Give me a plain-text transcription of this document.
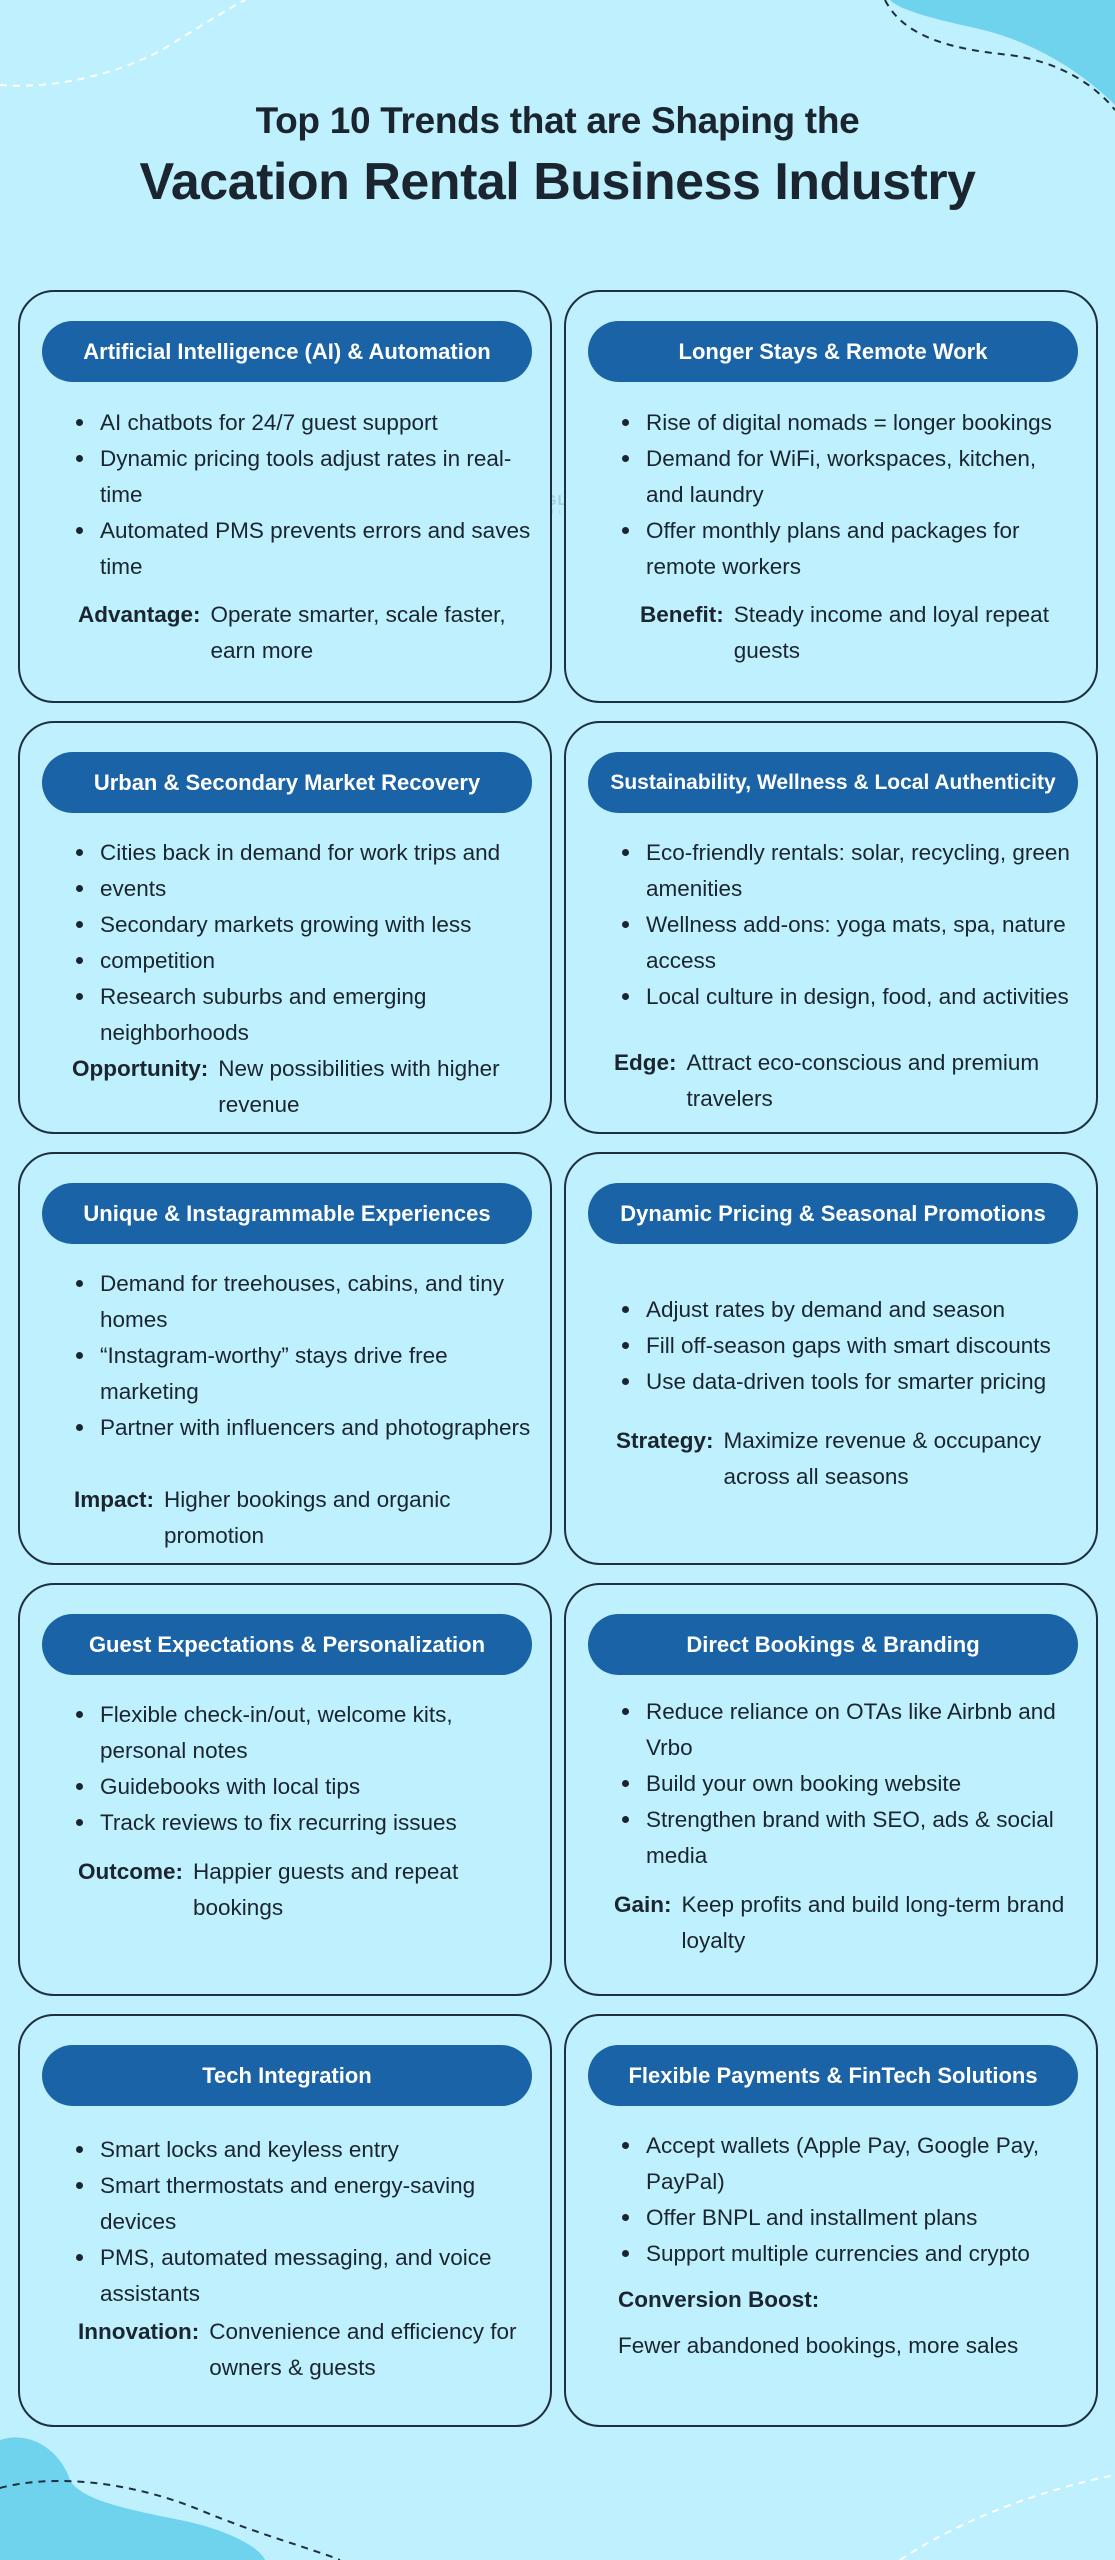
Top 10 Trends that are Shaping the
Vacation Rental Business Industry
Artificial Intelligence (AI) & Automation
AI chatbots for 24/7 guest support
Dynamic pricing tools adjust rates in real-time
Automated PMS prevents errors and saves time
Advantage: Operate smarter, scale faster, earn more
Longer Stays & Remote Work
Rise of digital nomads = longer bookings
Demand for WiFi, workspaces, kitchen, and laundry
Offer monthly plans and packages for remote workers
Benefit: Steady income and loyal repeat guests
Urban & Secondary Market Recovery
Cities back in demand for work trips and
events
Secondary markets growing with less
competition
Research suburbs and emerging neighborhoods
Opportunity: New possibilities with higher revenue
Sustainability, Wellness & Local Authenticity
Eco-friendly rentals: solar, recycling, green amenities
Wellness add-ons: yoga mats, spa, nature access
Local culture in design, food, and activities
Edge: Attract eco-conscious and premium travelers
Unique & Instagrammable Experiences
Demand for treehouses, cabins, and tiny homes
“Instagram-worthy” stays drive free marketing
Partner with influencers and photographers
Impact: Higher bookings and organic promotion
Dynamic Pricing & Seasonal Promotions
Adjust rates by demand and season
Fill off-season gaps with smart discounts
Use data-driven tools for smarter pricing
Strategy: Maximize revenue & occupancy across all seasons
Guest Expectations & Personalization
Flexible check-in/out, welcome kits, personal notes
Guidebooks with local tips
Track reviews to fix recurring issues
Outcome: Happier guests and repeat bookings
Direct Bookings & Branding
Reduce reliance on OTAs like Airbnb and Vrbo
Build your own booking website
Strengthen brand with SEO, ads & social media
Gain: Keep profits and build long-term brand loyalty
Tech Integration
Smart locks and keyless entry
Smart thermostats and energy-saving devices
PMS, automated messaging, and voice assistants
Innovation: Convenience and efficiency for owners & guests
Flexible Payments & FinTech Solutions
Accept wallets (Apple Pay, Google Pay, PayPal)
Offer BNPL and installment plans
Support multiple currencies and crypto
Conversion Boost:
Fewer abandoned bookings, more sales
